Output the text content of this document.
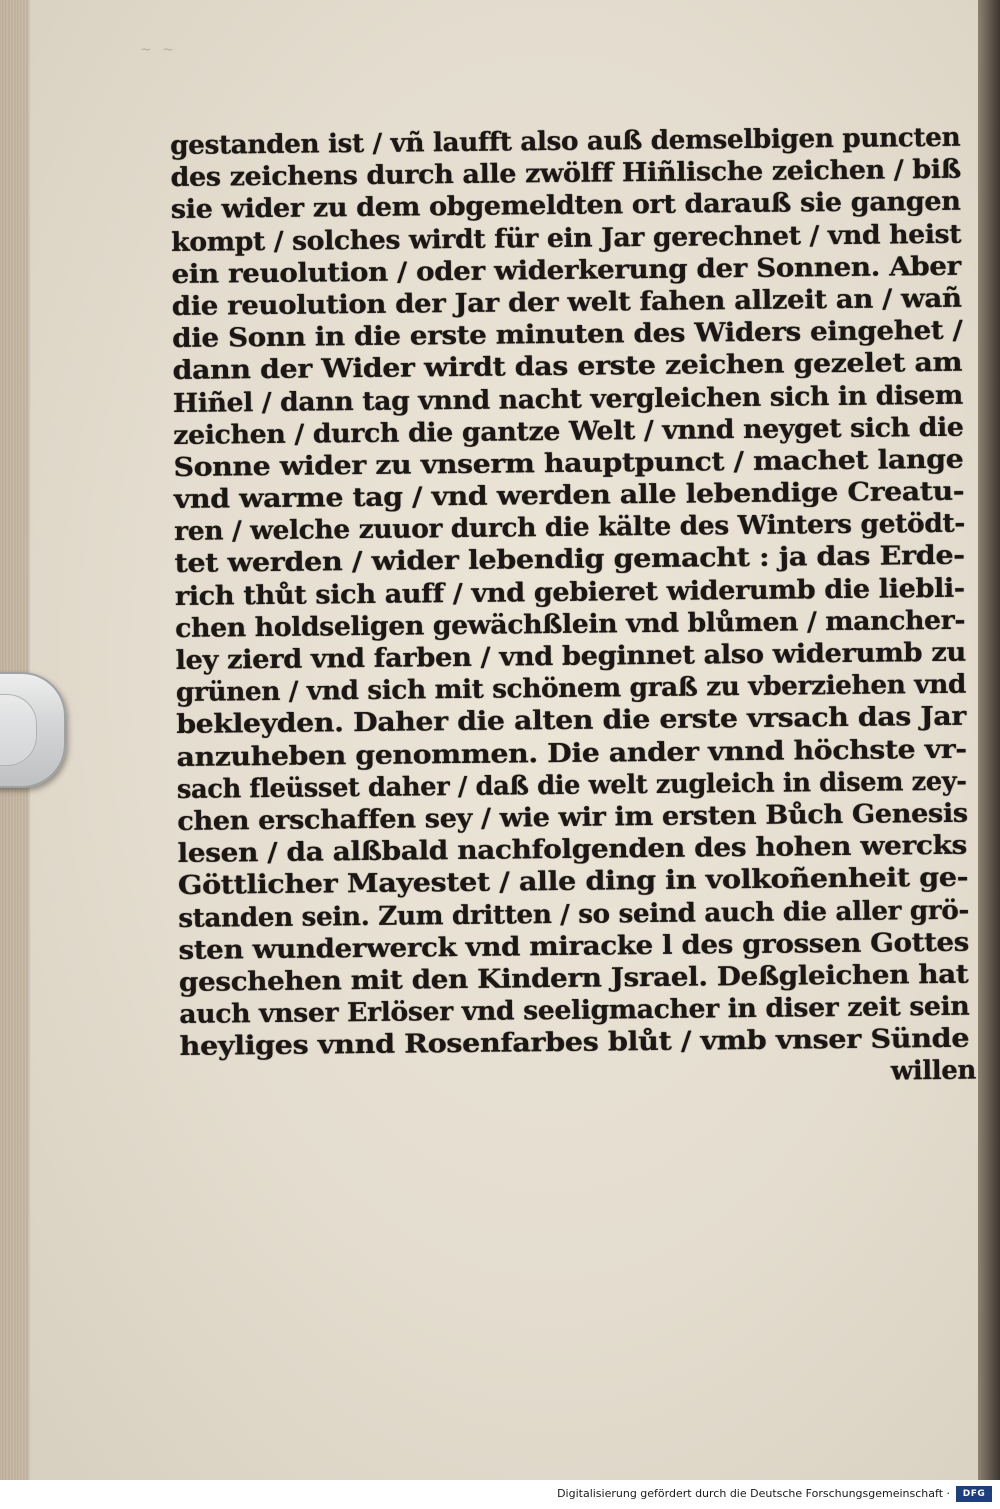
~ ~
gestanden ist / vñ laufft also auß demselbigen puncten
des zeichens durch alle zwölff Hiñlische zeichen / biß
sie wider zu dem obgemeldten ort darauß sie gangen
kompt / solches wirdt für ein Jar gerechnet / vnd heist
ein reuolution / oder widerkerung der Sonnen. Aber
die reuolution der Jar der welt fahen allzeit an / wañ
die Sonn in die erste minuten des Widers eingehet /
dann der Wider wirdt das erste zeichen gezelet am
Hiñel / dann tag vnnd nacht vergleichen sich in disem
zeichen / durch die gantze Welt / vnnd neyget sich die
Sonne wider zu vnserm hauptpunct / machet lange
vnd warme tag / vnd werden alle lebendige Creatu-
ren / welche zuuor durch die kälte des Winters getödt-
tet werden / wider lebendig gemacht : ja das Erde-
rich thůt sich auff / vnd gebieret widerumb die liebli-
chen holdseligen gewächßlein vnd blůmen / mancher-
ley zierd vnd farben / vnd beginnet also widerumb zu
grünen / vnd sich mit schönem graß zu vberziehen vnd
bekleyden. Daher die alten die erste vrsach das Jar
anzuheben genommen. Die ander vnnd höchste vr-
sach fleüsset daher / daß die welt zugleich in disem zey-
chen erschaffen sey / wie wir im ersten Bůch Genesis
lesen / da alßbald nachfolgenden des hohen wercks
Göttlicher Mayestet / alle ding in volkoñenheit ge-
standen sein. Zum dritten / so seind auch die aller grö-
sten wunderwerck vnd miracke l des grossen Gottes
geschehen mit den Kindern Jsrael. Deßgleichen hat
auch vnser Erlöser vnd seeligmacher in diser zeit sein
heyliges vnnd Rosenfarbes blůt / vmb vnser Sünde
willen
Digitalisierung gefördert durch die Deutsche Forschungsgemeinschaft ·	DFG
